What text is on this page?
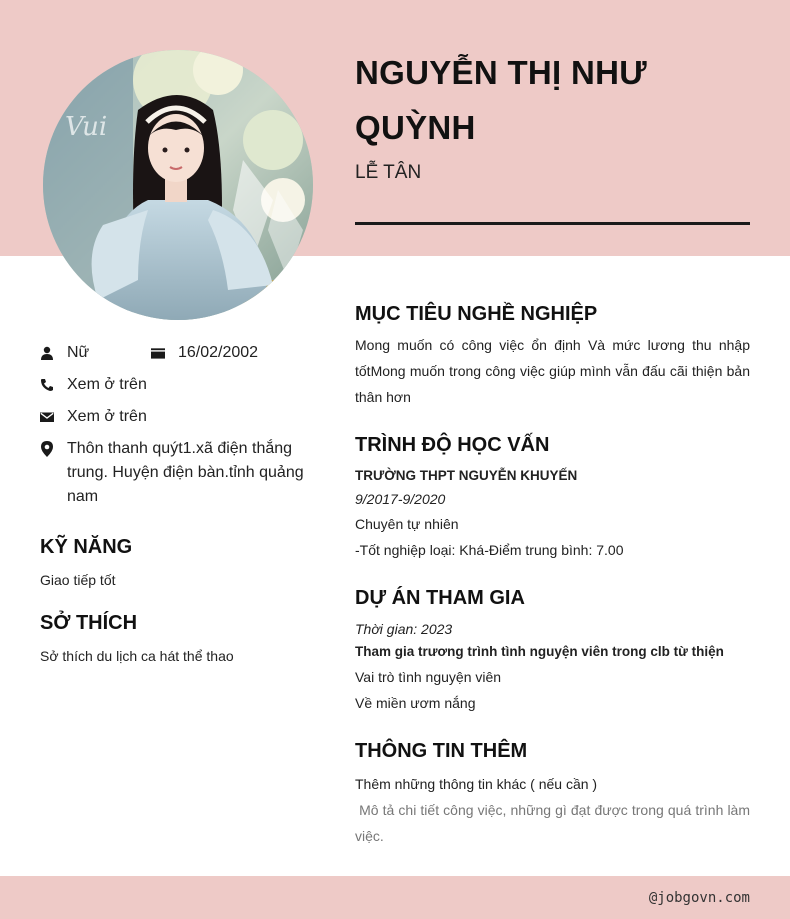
Vui
NGUYỄN THỊ NHƯ QUỲNH
LỄ TÂN
Nữ	16/02/2002
Xem ở trên
Xem ở trên
Thôn thanh quýt1.xã điện thắng trung. Huyện điện bàn.tỉnh quảng nam
KỸ NĂNG
Giao tiếp tốt
SỞ THÍCH
Sở thích du lịch ca hát thể thao
MỤC TIÊU NGHỀ NGHIỆP
Mong muốn có công việc ổn định Và mức lương thu nhập tốtMong muốn trong công việc giúp mình vẫn đấu cãi thiện bản thân hơn
TRÌNH ĐỘ HỌC VẤN
TRƯỜNG THPT NGUYỄN KHUYẾN
9/2017-9/2020
Chuyên tự nhiên
-Tốt nghiệp loại: Khá-Điểm trung bình: 7.00
DỰ ÁN THAM GIA
Thời gian: 2023
Tham gia trương trình tình nguyện viên trong clb từ thiện
Vai trò tình nguyện viên
Về miền ươm nắng
THÔNG TIN THÊM
Thêm những thông tin khác ( nếu cần )
Mô tả chi tiết công việc, những gì đạt được trong quá trình làm việc.
@jobgovn.com
